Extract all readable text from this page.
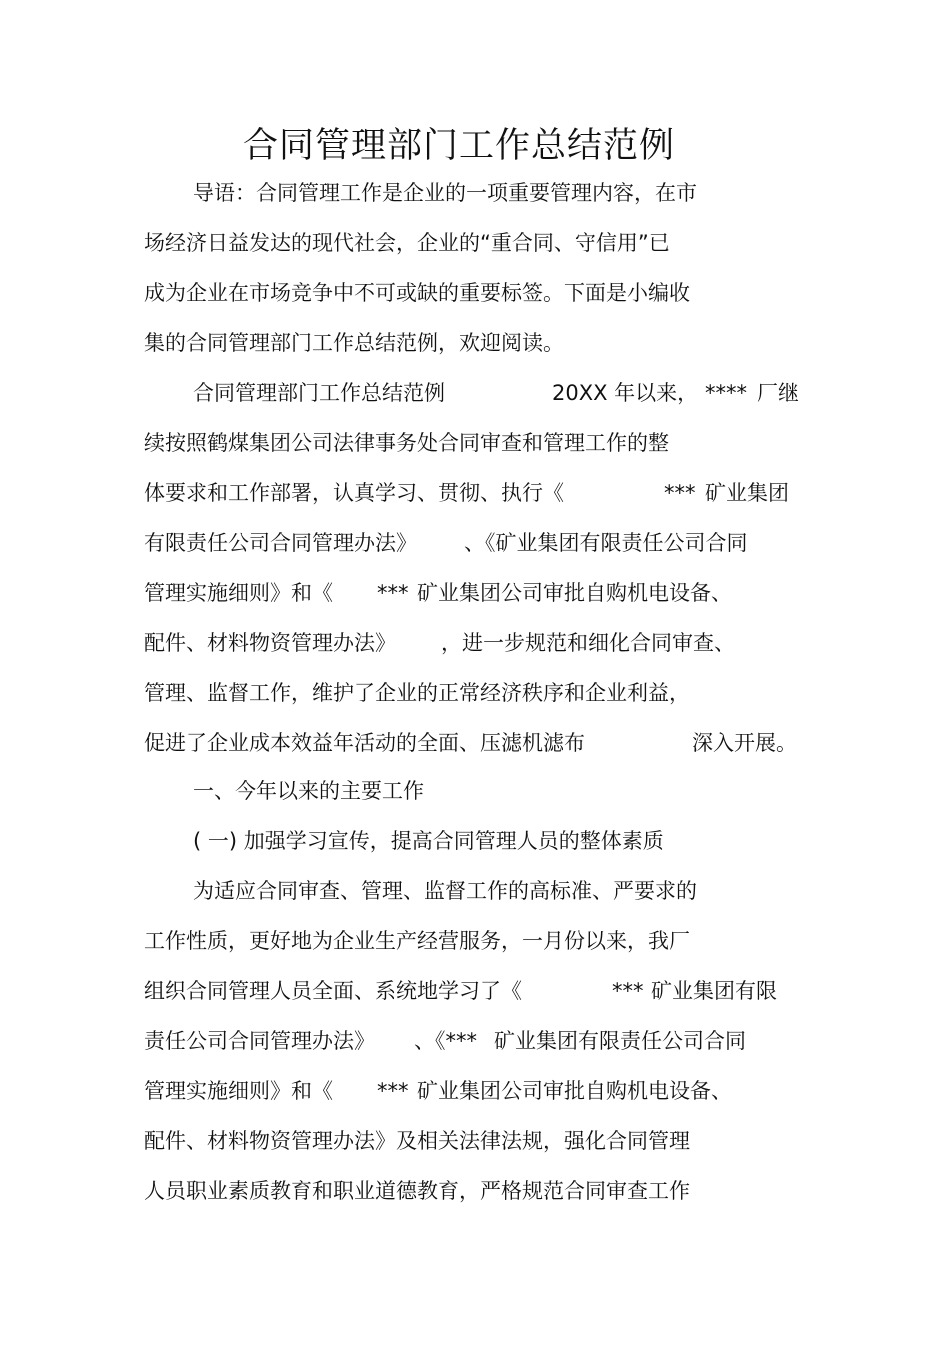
合同管理部门工作总结范例
导语：合同管理工作是企业的一项重要管理内容，在市
场经济日益发达的现代社会，企业的“重合同、守信用”已
成为企业在市场竞争中不可或缺的重要标签。下面是小编收
集的合同管理部门工作总结范例，欢迎阅读。
合同管理部门工作总结范例	20XX 年以来， **** 厂继
续按照鹤煤集团公司法律事务处合同审查和管理工作的整
体要求和工作部署，认真学习、贯彻、执行《	*** 矿业集团
有限责任公司合同管理办法》 、《矿业集团有限责任公司合同
管理实施细则》和《 *** 矿业集团公司审批自购机电设备、
配件、材料物资管理办法》 ，进一步规范和细化合同审查、
管理、监督工作，维护了企业的正常经济秩序和企业利益，
促进了企业成本效益年活动的全面、压滤机滤布	深入开展。
一、今年以来的主要工作
( 一) 加强学习宣传，提高合同管理人员的整体素质
为适应合同审查、管理、监督工作的高标准、严要求的
工作性质，更好地为企业生产经营服务，一月份以来，我厂
组织合同管理人员全面、系统地学习了《	*** 矿业集团有限
责任公司合同管理办法》 、《*** 矿业集团有限责任公司合同
管理实施细则》和《 *** 矿业集团公司审批自购机电设备、
配件、材料物资管理办法》及相关法律法规，强化合同管理
人员职业素质教育和职业道德教育，严格规范合同审查工作
